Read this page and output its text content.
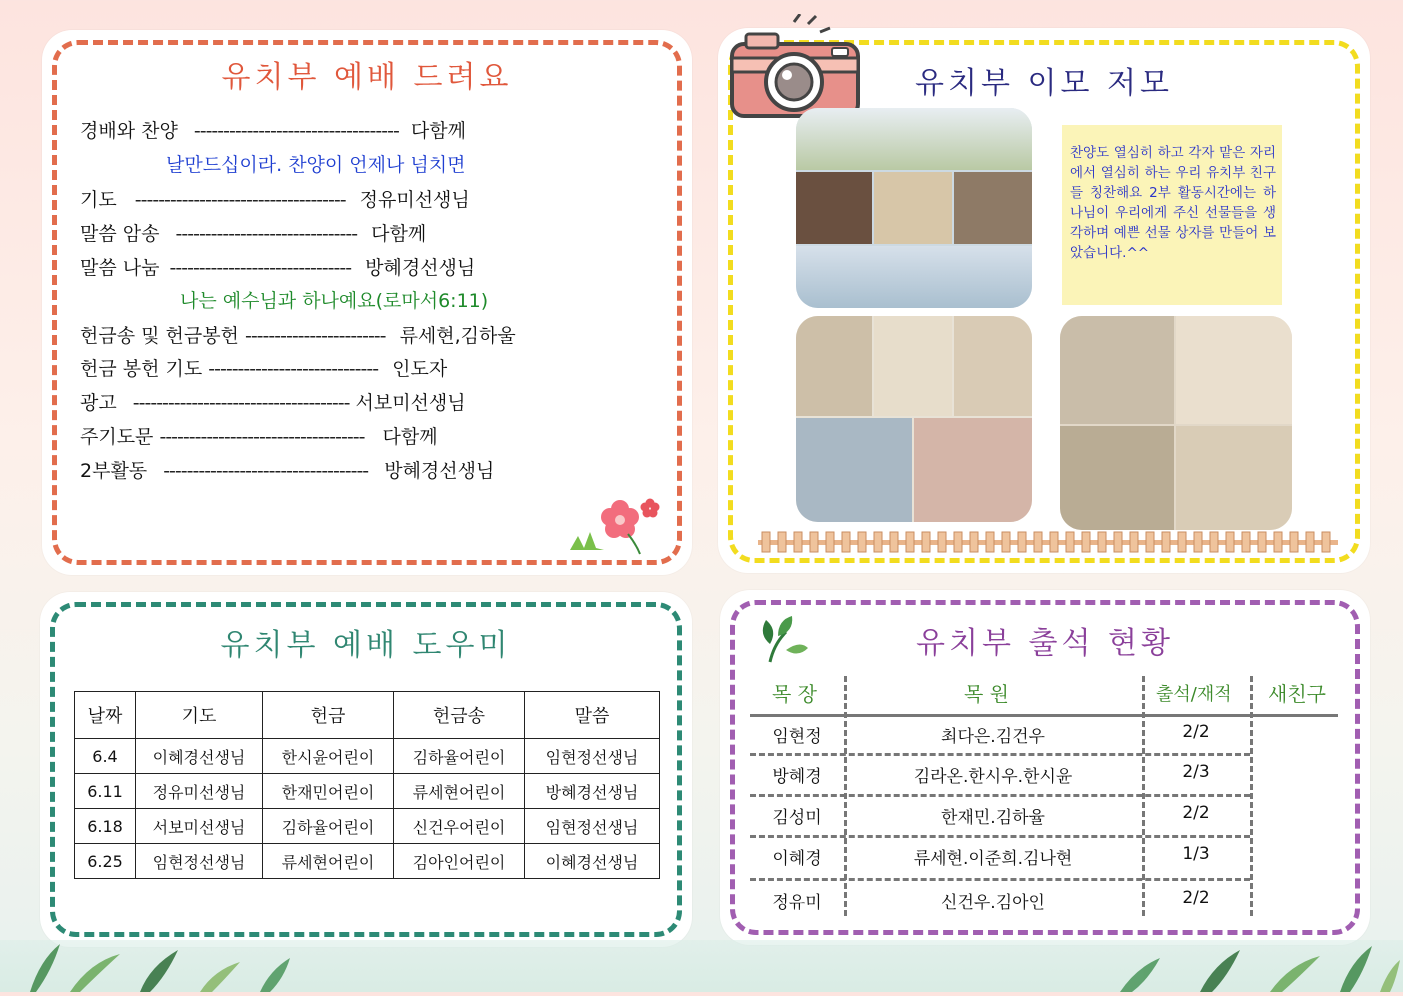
유치부 예배 드려요
경배와 찬양 ----------------------------------- 다함께
날만드십이라. 찬양이 언제나 넘치면
기도 ------------------------------------ 정유미선생님
말씀 암송 ------------------------------- 다함께
말씀 나눔 ------------------------------- 방혜경선생님
나는 예수님과 하나예요(로마서6:11)
헌금송 및 헌금봉헌 ------------------------ 류세현,김하울
헌금 봉헌 기도 ----------------------------- 인도자
광고 ------------------------------------- 서보미선생님
주기도문 ----------------------------------- 다함께
2부활동 ----------------------------------- 방혜경선생님
유치부 이모 저모
찬양도 열심히 하고 각자 맡은 자리에서 열심히 하는 우리 유치부 친구들 칭찬해요 2부 활동시간에는 하나님이 우리에게 주신 선물들을 생각하며 예쁜 선물 상자를 만들어 보았습니다.^^
유치부 예배 도우미
날짜	기도	헌금	헌금송	말씀
6.4	이혜경선생님	한시윤어린이	김하율어린이	임현정선생님
6.11	정유미선생님	한재민어린이	류세현어린이	방혜경선생님
6.18	서보미선생님	김하율어린이	신건우어린이	임현정선생님
6.25	임현정선생님	류세현어린이	김아인어린이	이혜경선생님
유치부 출석 현황
목 장	목 원	출석/재적 새친구
임현정	최다은.김건우	2/2
방혜경	김라온.한시우.한시윤	2/3
김성미	한재민.김하율	2/2
이혜경	류세현.이준희.김나현	1/3
정유미	신건우.김아인	2/2
